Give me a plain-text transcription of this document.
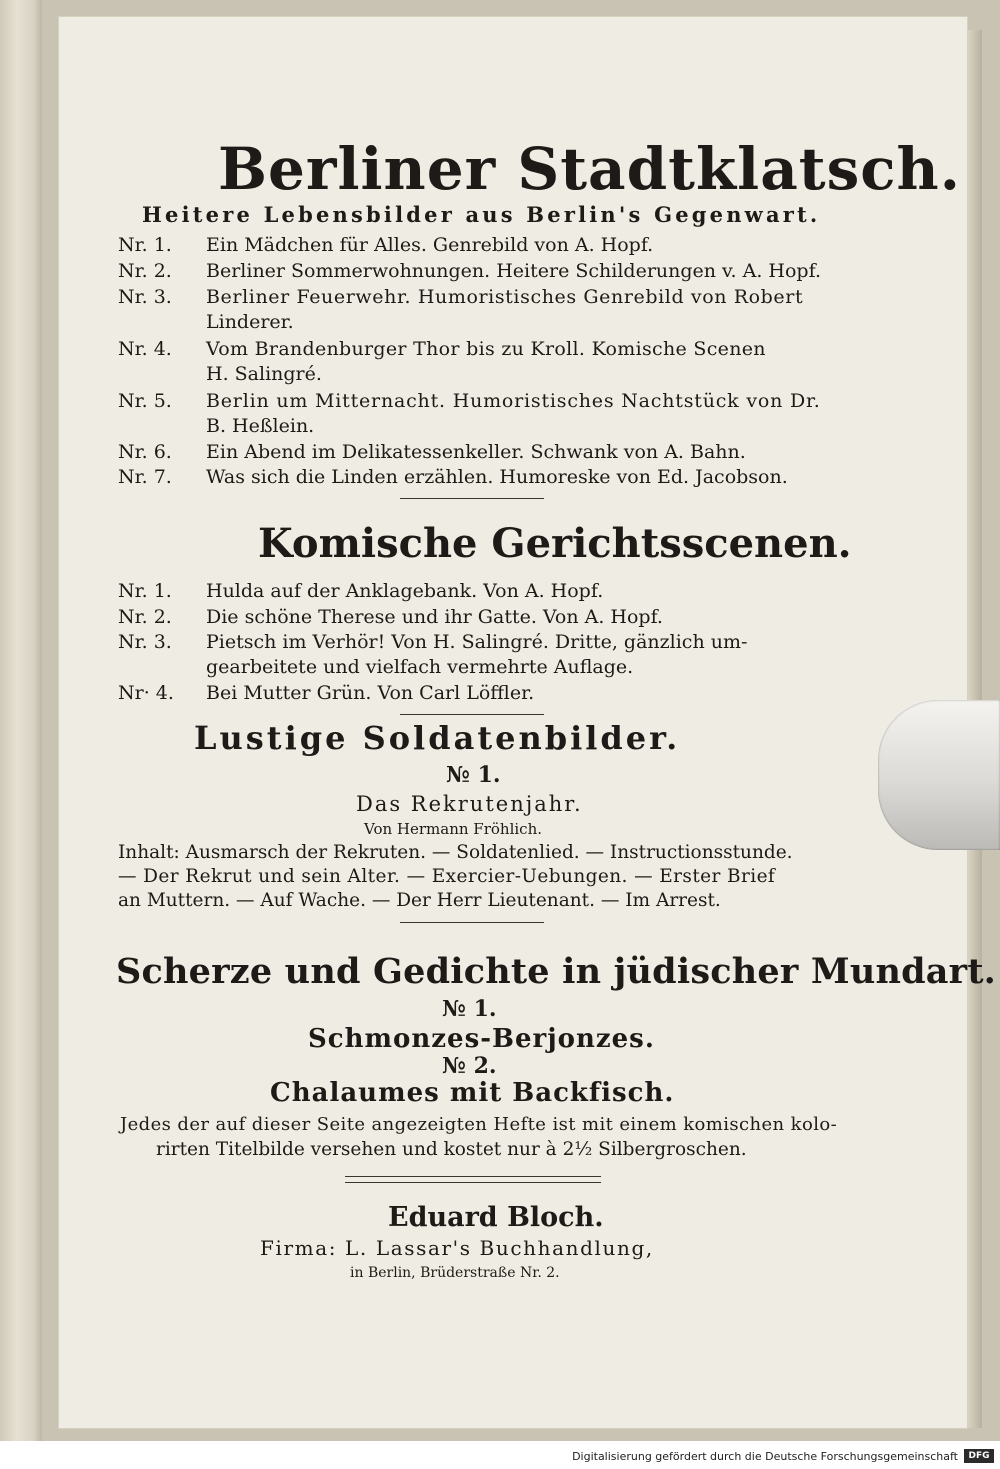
Berliner Stadtklatsch.
Heitere Lebensbilder aus Berlin's Gegenwart.
Nr. 1. Ein Mädchen für Alles. Genrebild von A. Hopf.
Nr. 2. Berliner Sommerwohnungen. Heitere Schilderungen v. A. Hopf.
Nr. 3. Berliner Feuerwehr. Humoristisches Genrebild von Robert
Linderer.
Nr. 4. Vom Brandenburger Thor bis zu Kroll. Komische Scenen
H. Salingré.
Nr. 5. Berlin um Mitternacht. Humoristisches Nachtstück von Dr.
B. Heßlein.
Nr. 6. Ein Abend im Delikatessenkeller. Schwank von A. Bahn.
Nr. 7. Was sich die Linden erzählen. Humoreske von Ed. Jacobson.
Komische Gerichtsscenen.
Nr. 1. Hulda auf der Anklagebank. Von A. Hopf.
Nr. 2. Die schöne Therese und ihr Gatte. Von A. Hopf.
Nr. 3. Pietsch im Verhör! Von H. Salingré. Dritte, gänzlich um-
gearbeitete und vielfach vermehrte Auflage.
Nr· 4. Bei Mutter Grün. Von Carl Löffler.
Lustige Soldatenbilder.
№ 1.
Das Rekrutenjahr.
Von Hermann Fröhlich.
Inhalt: Ausmarsch der Rekruten. — Soldatenlied. — Instructionsstunde.
— Der Rekrut und sein Alter. — Exercier-Uebungen. — Erster Brief
an Muttern. — Auf Wache. — Der Herr Lieutenant. — Im Arrest.
Scherze und Gedichte in jüdischer Mundart.
№ 1.
Schmonzes-Berjonzes.
№ 2.
Chalaumes mit Backfisch.
Jedes der auf dieser Seite angezeigten Hefte ist mit einem komischen kolo-
rirten Titelbilde versehen und kostet nur à 2½ Silbergroschen.
Eduard Bloch.
Firma: L. Lassar's Buchhandlung,
in Berlin, Brüderstraße Nr. 2.
Digitalisierung gefördert durch die Deutsche Forschungsgemeinschaft	DFG
